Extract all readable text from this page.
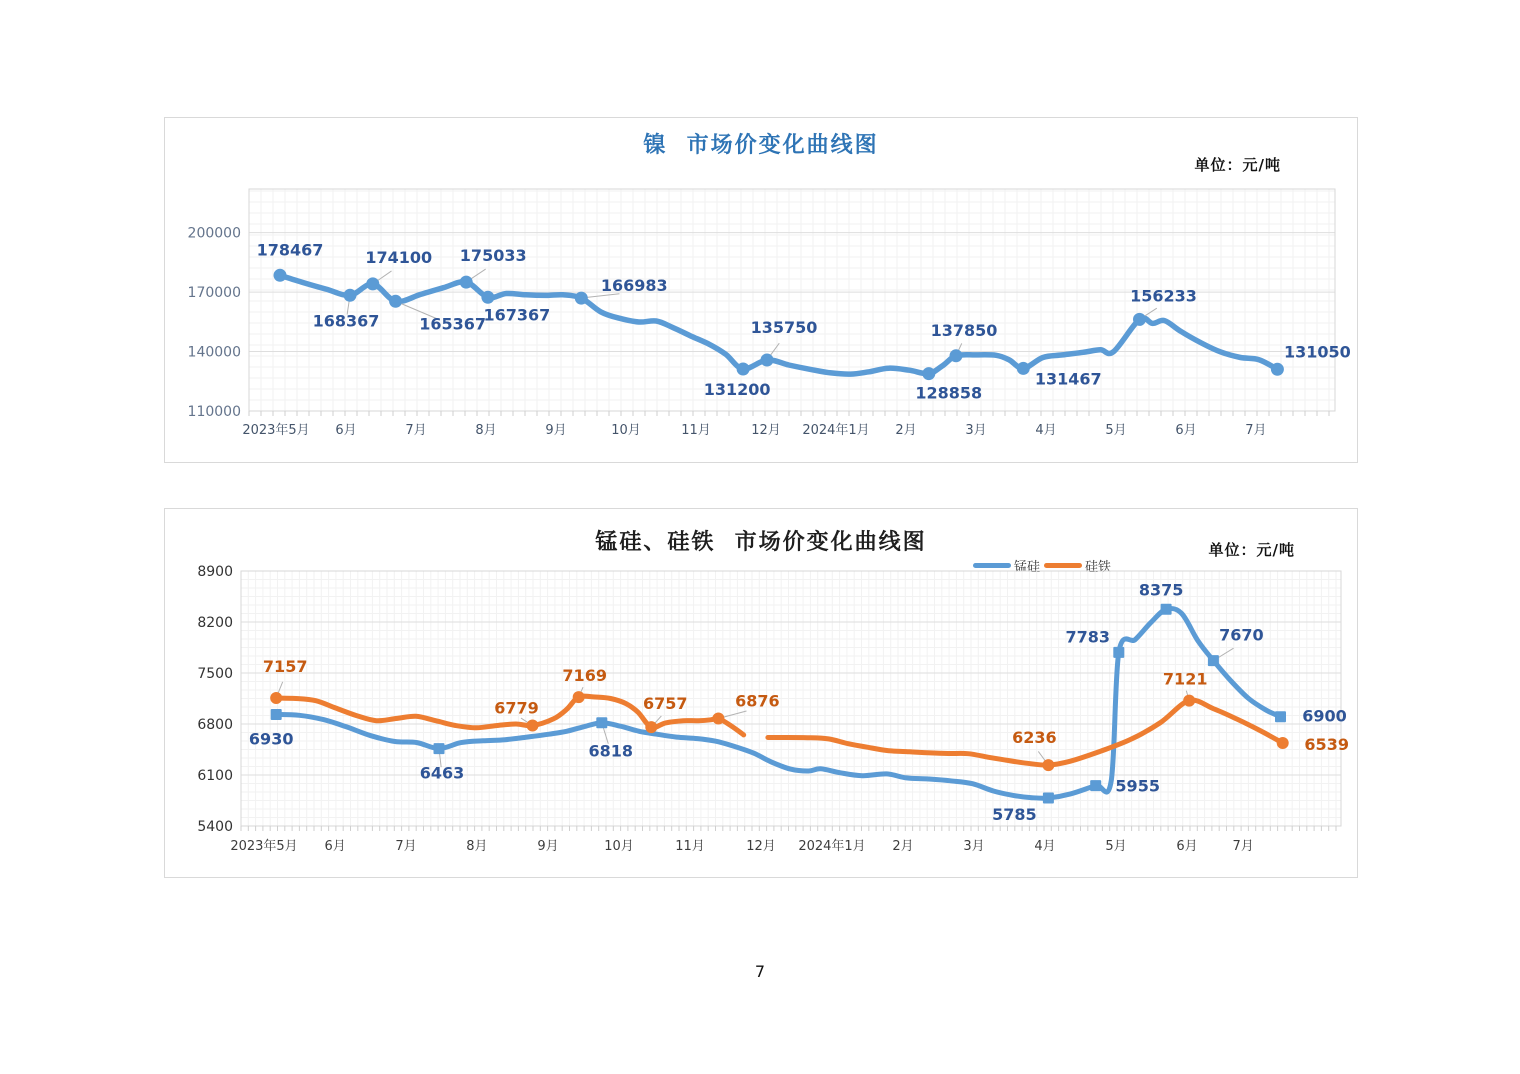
镍  市场价变化曲线图
单位：元/吨
200000
170000
140000
110000
2023年5月 6月	7月	8月	9月	10月	11月	12月 2024年1月 2月	3月	4月	5月	6月	7月
178467
168367
174100
165367
175033
167367
166983
131200
135750
128858
137850
131467
156233
131050
锰硅、硅铁  市场价变化曲线图	单位：元/吨
锰硅	硅铁
8900
8200
7500
6800
6100
5400
2023年5月 6月	7月	8月	9月	10月	11月	12月 2024年1月 2月	3月	4月	5月	6月	7月
6930
6463
6818
5785
5955
7783
8375
7670
6900
7157
6779
7169
6757	6876
6236
7121
6539
7
